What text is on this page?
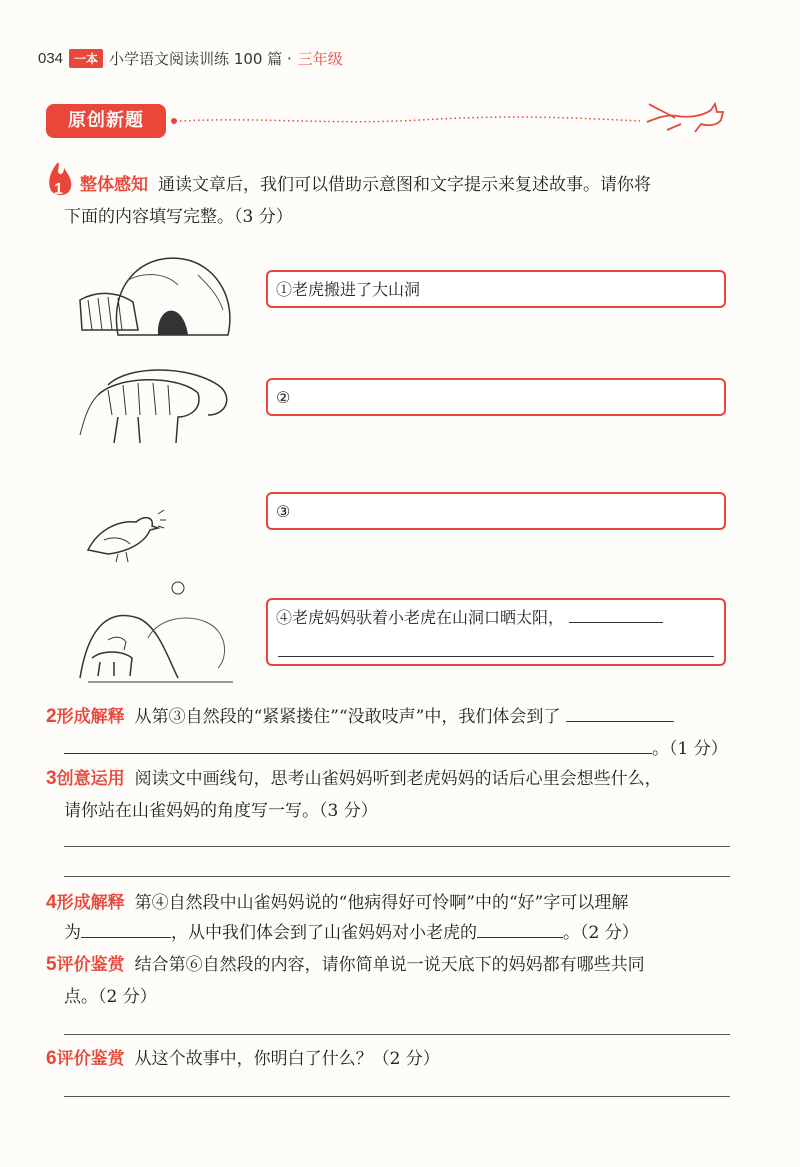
034 一本 小学语文阅读训练 100 篇 · 三年级
原创新题
1 整体感知 通读文章后，我们可以借助示意图和文字提示来复述故事。请你将
下面的内容填写完整。（3 分）
①老虎搬进了大山洞
②
③
④老虎妈妈驮着小老虎在山洞口晒太阳，
2形成解释 从第③自然段的“紧紧搂住”“没敢吱声”中，我们体会到了
。（1 分）
3创意运用 阅读文中画线句，思考山雀妈妈听到老虎妈妈的话后心里会想些什么，
请你站在山雀妈妈的角度写一写。（3 分）
4形成解释 第④自然段中山雀妈妈说的“他病得好可怜啊”中的“好”字可以理解
为	，从中我们体会到了山雀妈妈对小老虎的	。（2 分）
5评价鉴赏 结合第⑥自然段的内容，请你简单说一说天底下的妈妈都有哪些共同
点。（2 分）
6评价鉴赏 从这个故事中，你明白了什么？（2 分）
